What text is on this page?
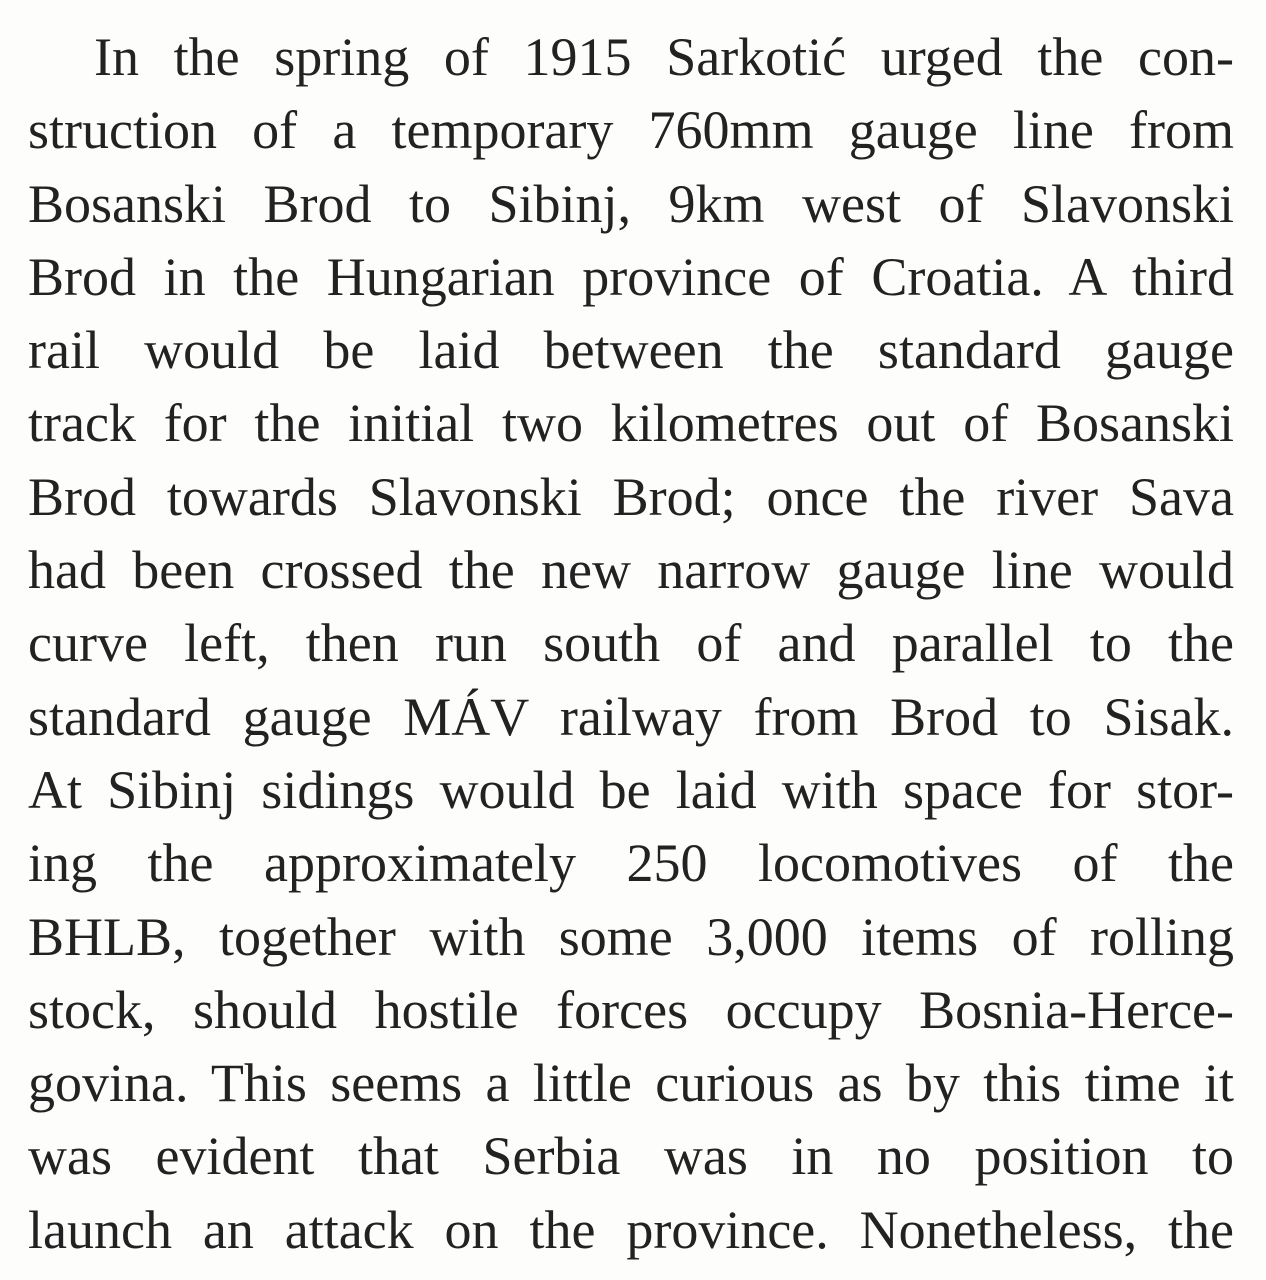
In the spring of 1915 Sarkotić urged the con-
struction of a temporary 760mm gauge line from
Bosanski Brod to Sibinj, 9km west of Slavonski
Brod in the Hungarian province of Croatia. A third
rail would be laid between the standard gauge
track for the initial two kilometres out of Bosanski
Brod towards Slavonski Brod; once the river Sava
had been crossed the new narrow gauge line would
curve left, then run south of and parallel to the
standard gauge MÁV railway from Brod to Sisak.
At Sibinj sidings would be laid with space for stor-
ing the approximately 250 locomotives of the
BHLB, together with some 3,000 items of rolling
stock, should hostile forces occupy Bosnia-Herce-
govina. This seems a little curious as by this time it
was evident that Serbia was in no position to
launch an attack on the province. Nonetheless, the
